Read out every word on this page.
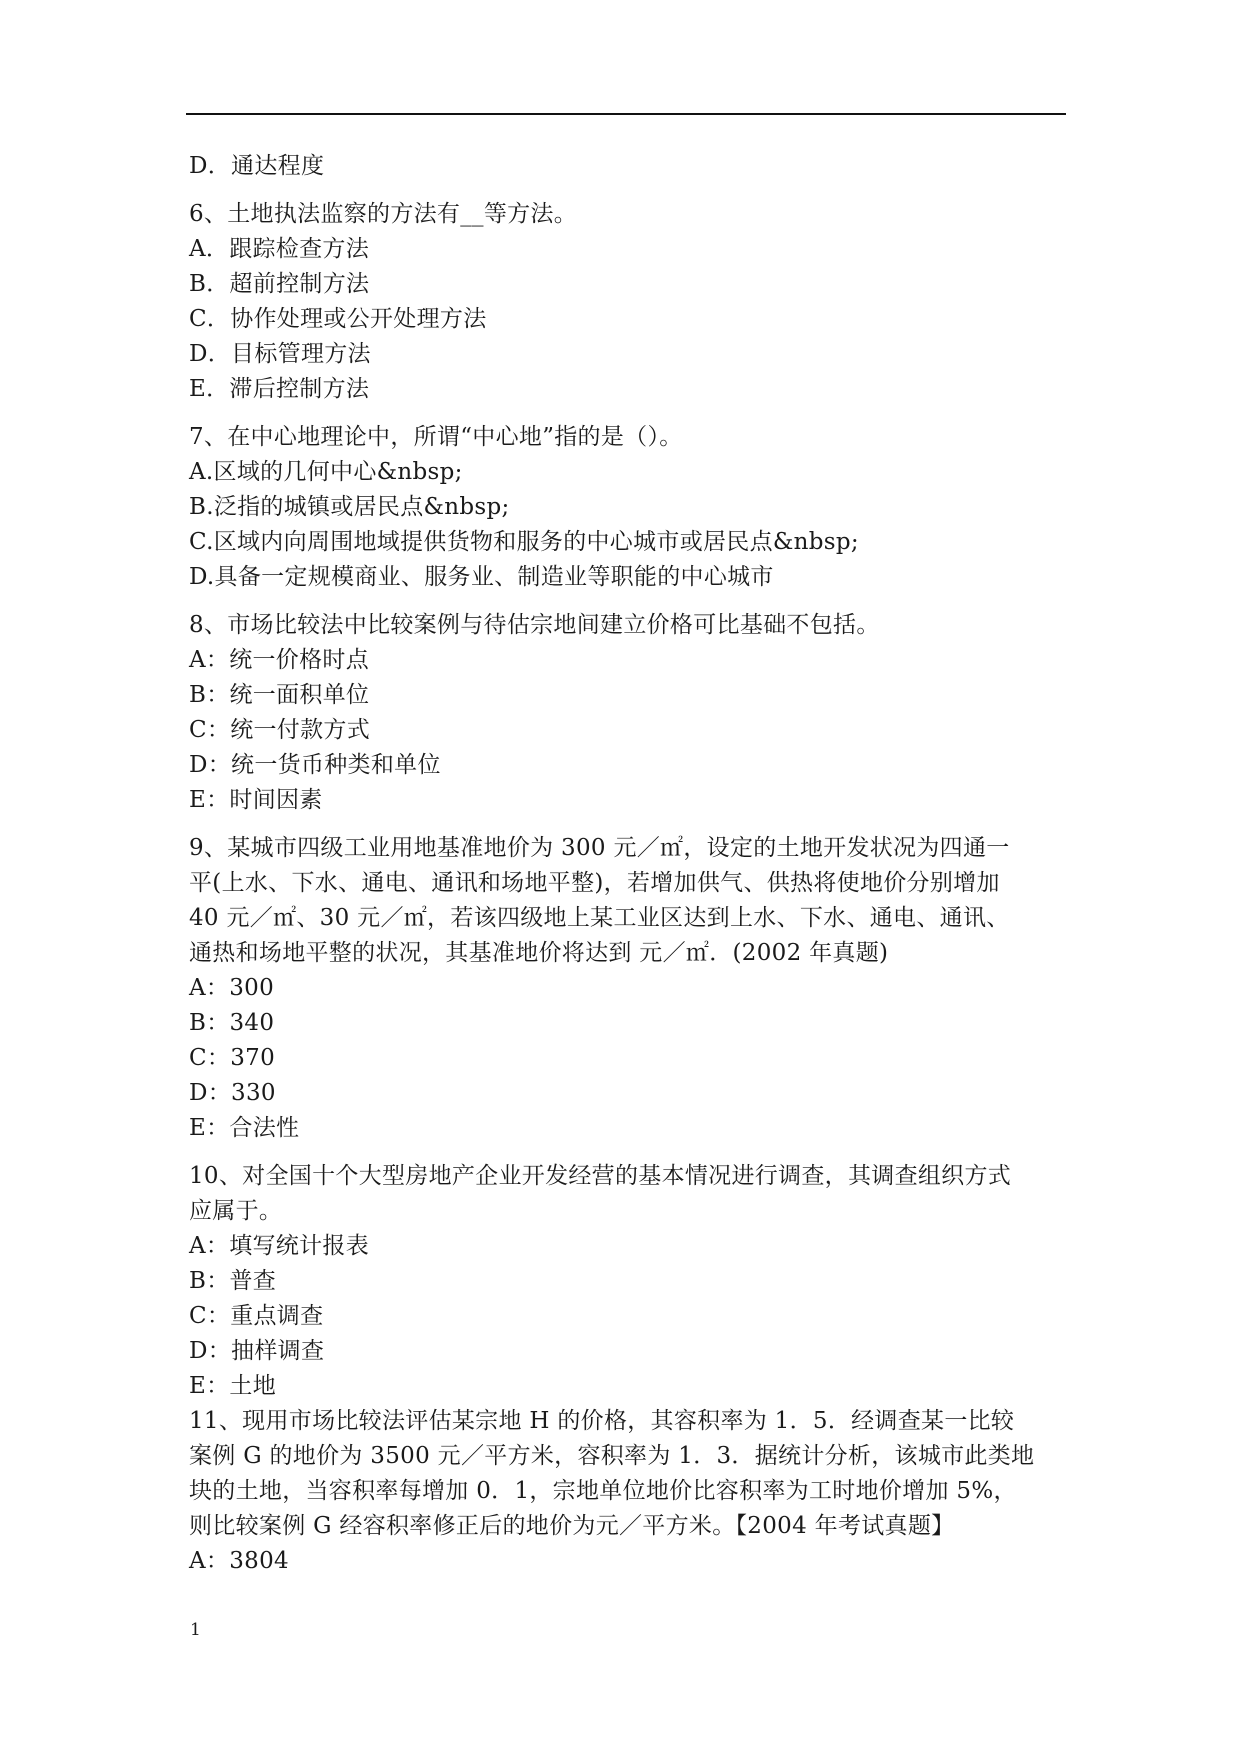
D．通达程度
6、土地执法监察的方法有__等方法。
A．跟踪检查方法
B．超前控制方法
C．协作处理或公开处理方法
D．目标管理方法
E．滞后控制方法
7、在中心地理论中，所谓“中心地”指的是（）。
A.区域的几何中心&nbsp;
B.泛指的城镇或居民点&nbsp;
C.区域内向周围地域提供货物和服务的中心城市或居民点&nbsp;
D.具备一定规模商业、服务业、制造业等职能的中心城市
8、市场比较法中比较案例与待估宗地间建立价格可比基础不包括。
A：统一价格时点
B：统一面积单位
C：统一付款方式
D：统一货币种类和单位
E：时间因素
9、某城市四级工业用地基准地价为 300 元／㎡，设定的土地开发状况为四通一
平(上水、下水、通电、通讯和场地平整)，若增加供气、供热将使地价分别增加
40 元／㎡、30 元／㎡，若该四级地上某工业区达到上水、下水、通电、通讯、
通热和场地平整的状况，其基准地价将达到 元／㎡．(2002 年真题)
A：300
B：340
C：370
D：330
E：合法性
10、对全国十个大型房地产企业开发经营的基本情况进行调查，其调查组织方式
应属于。
A：填写统计报表
B：普查
C：重点调查
D：抽样调查
E：土地
11、现用市场比较法评估某宗地 H 的价格，其容积率为 1．5．经调查某一比较
案例 G 的地价为 3500 元／平方米，容积率为 1．3．据统计分析，该城市此类地
块的土地，当容积率每增加 0．1，宗地单位地价比容积率为工时地价增加 5%，
则比较案例 G 经容积率修正后的地价为元／平方米。【2004 年考试真题】
A：3804
1
